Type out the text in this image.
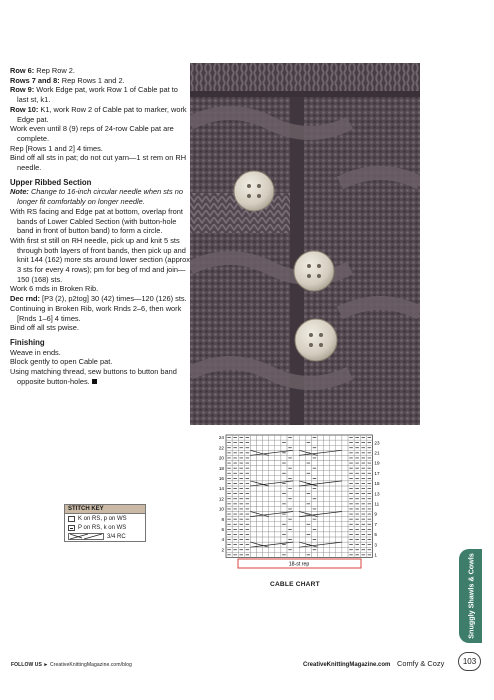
Row 6: Rep Row 2.

Rows 7 and 8: Rep Rows 1 and 2.

Row 9: Work Edge pat, work Row 1 of Cable pat to last st, k1.

Row 10: K1, work Row 2 of Cable pat to marker, work Edge pat.

Work even until 8 (9) reps of 24-row Cable pat are complete.

Rep [Rows 1 and 2] 4 times.

Bind off all sts in pat; do not cut yarn—1 st rem on RH needle.

Upper Ribbed Section

Note: Change to 16-inch circular needle when sts no longer fit comfortably on longer needle.

With RS facing and Edge pat at bottom, overlap front bands of Lower Cabled Section (with button-hole band in front of button band) to form a circle.

With first st still on RH needle, pick up and knit 5 sts through both layers of front bands, then pick up and knit 144 (162) more sts around lower section (approx 3 sts for every 4 rows); pm for beg of rnd and join—150 (168) sts.

Work 6 rnds in Broken Rib.

Dec rnd: [P3 (2), p2tog] 30 (42) times—120 (126) sts.

Continuing in Broken Rib, work Rnds 2–6, then work [Rnds 1–6] 4 times.

Bind off all sts pwise.

Finishing

Weave in ends.

Block gently to open Cable pat.

Using matching thread, sew buttons to button band opposite button-holes.

STITCH KEY
K on RS, p on WS
P on RS, k on WS
3/4 RC
24
22
20
18
16
14
12
10
8
6
4
2
23
21
19
17
15
13
11
9
7
5
3
1
18-st rep
CABLE CHART	Snuggly Shawls & Cowls
FOLLOW US ► CreativeKnittingMagazine.com/blog	CreativeKnittingMagazine.com Comfy & Cozy	103
